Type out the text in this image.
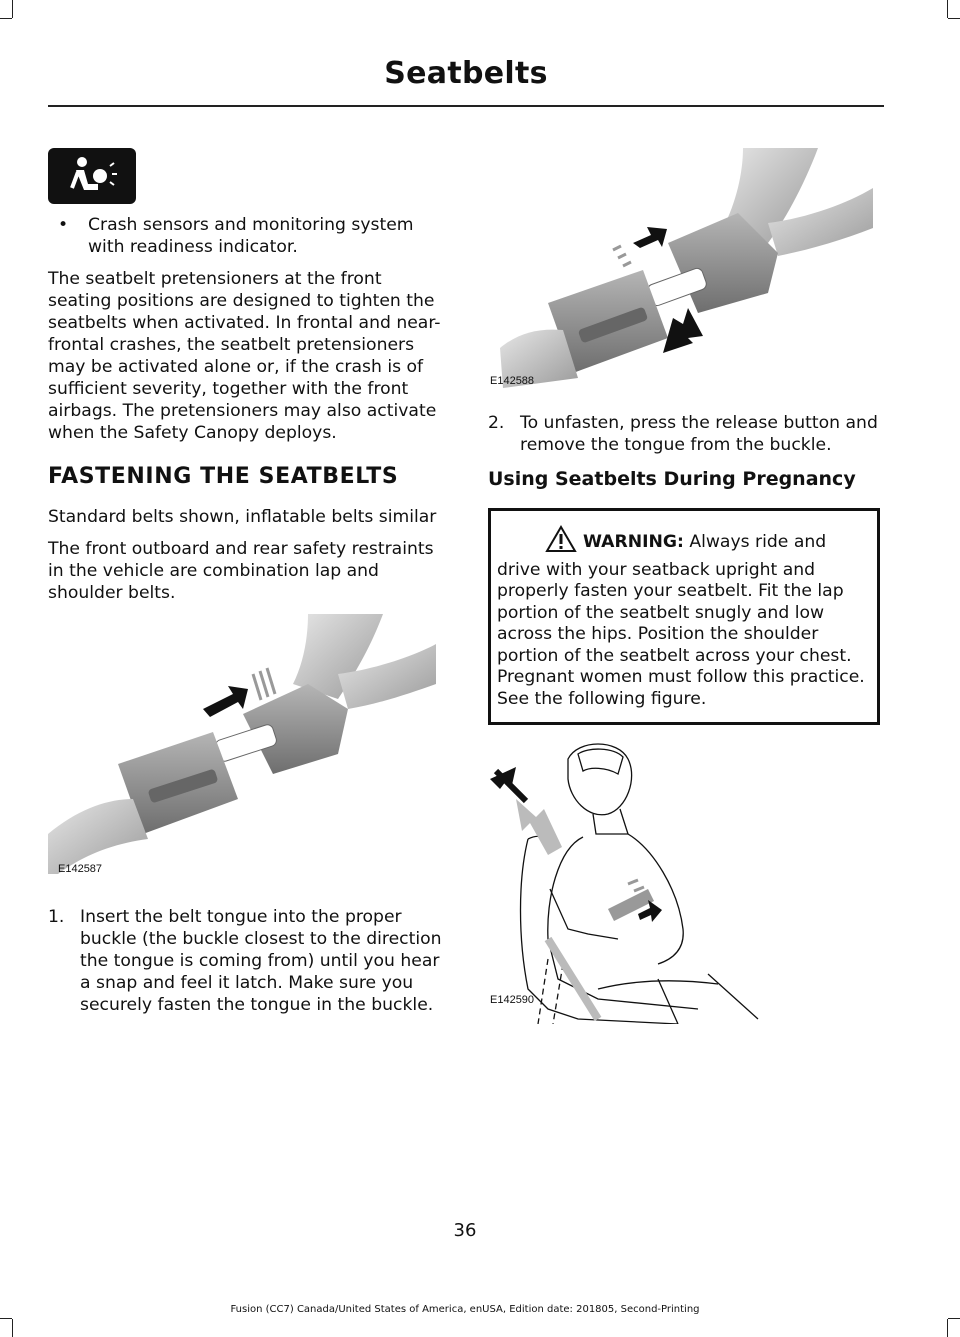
Seatbelts
•	Crash sensors and monitoring system with readiness indicator.

The seatbelt pretensioners at the front seating positions are designed to tighten the seatbelts when activated. In frontal and near-frontal crashes, the seatbelt pretensioners may be activated alone or, if the crash is of sufficient severity, together with the front airbags. The pretensioners may also activate when the Safety Canopy deploys.

FASTENING THE SEATBELTS

Standard belts shown, inflatable belts similar

The front outboard and rear safety restraints in the vehicle are combination lap and shoulder belts.

E142587
1. Insert the belt tongue into the proper buckle (the buckle closest to the direction the tongue is coming from) until you hear a snap and feel it latch. Make sure you securely fasten the tongue in the buckle.
E142588
2. To unfasten, press the release button and remove the tongue from the buckle.
Using Seatbelts During Pregnancy
WARNING: Always ride and drive with your seatback upright and properly fasten your seatbelt. Fit the lap portion of the seatbelt snugly and low across the hips. Position the shoulder portion of the seatbelt across your chest. Pregnant women must follow this practice. See the following figure.
E142590
36
Fusion (CC7) Canada/United States of America, enUSA, Edition date: 201805, Second-Printing
